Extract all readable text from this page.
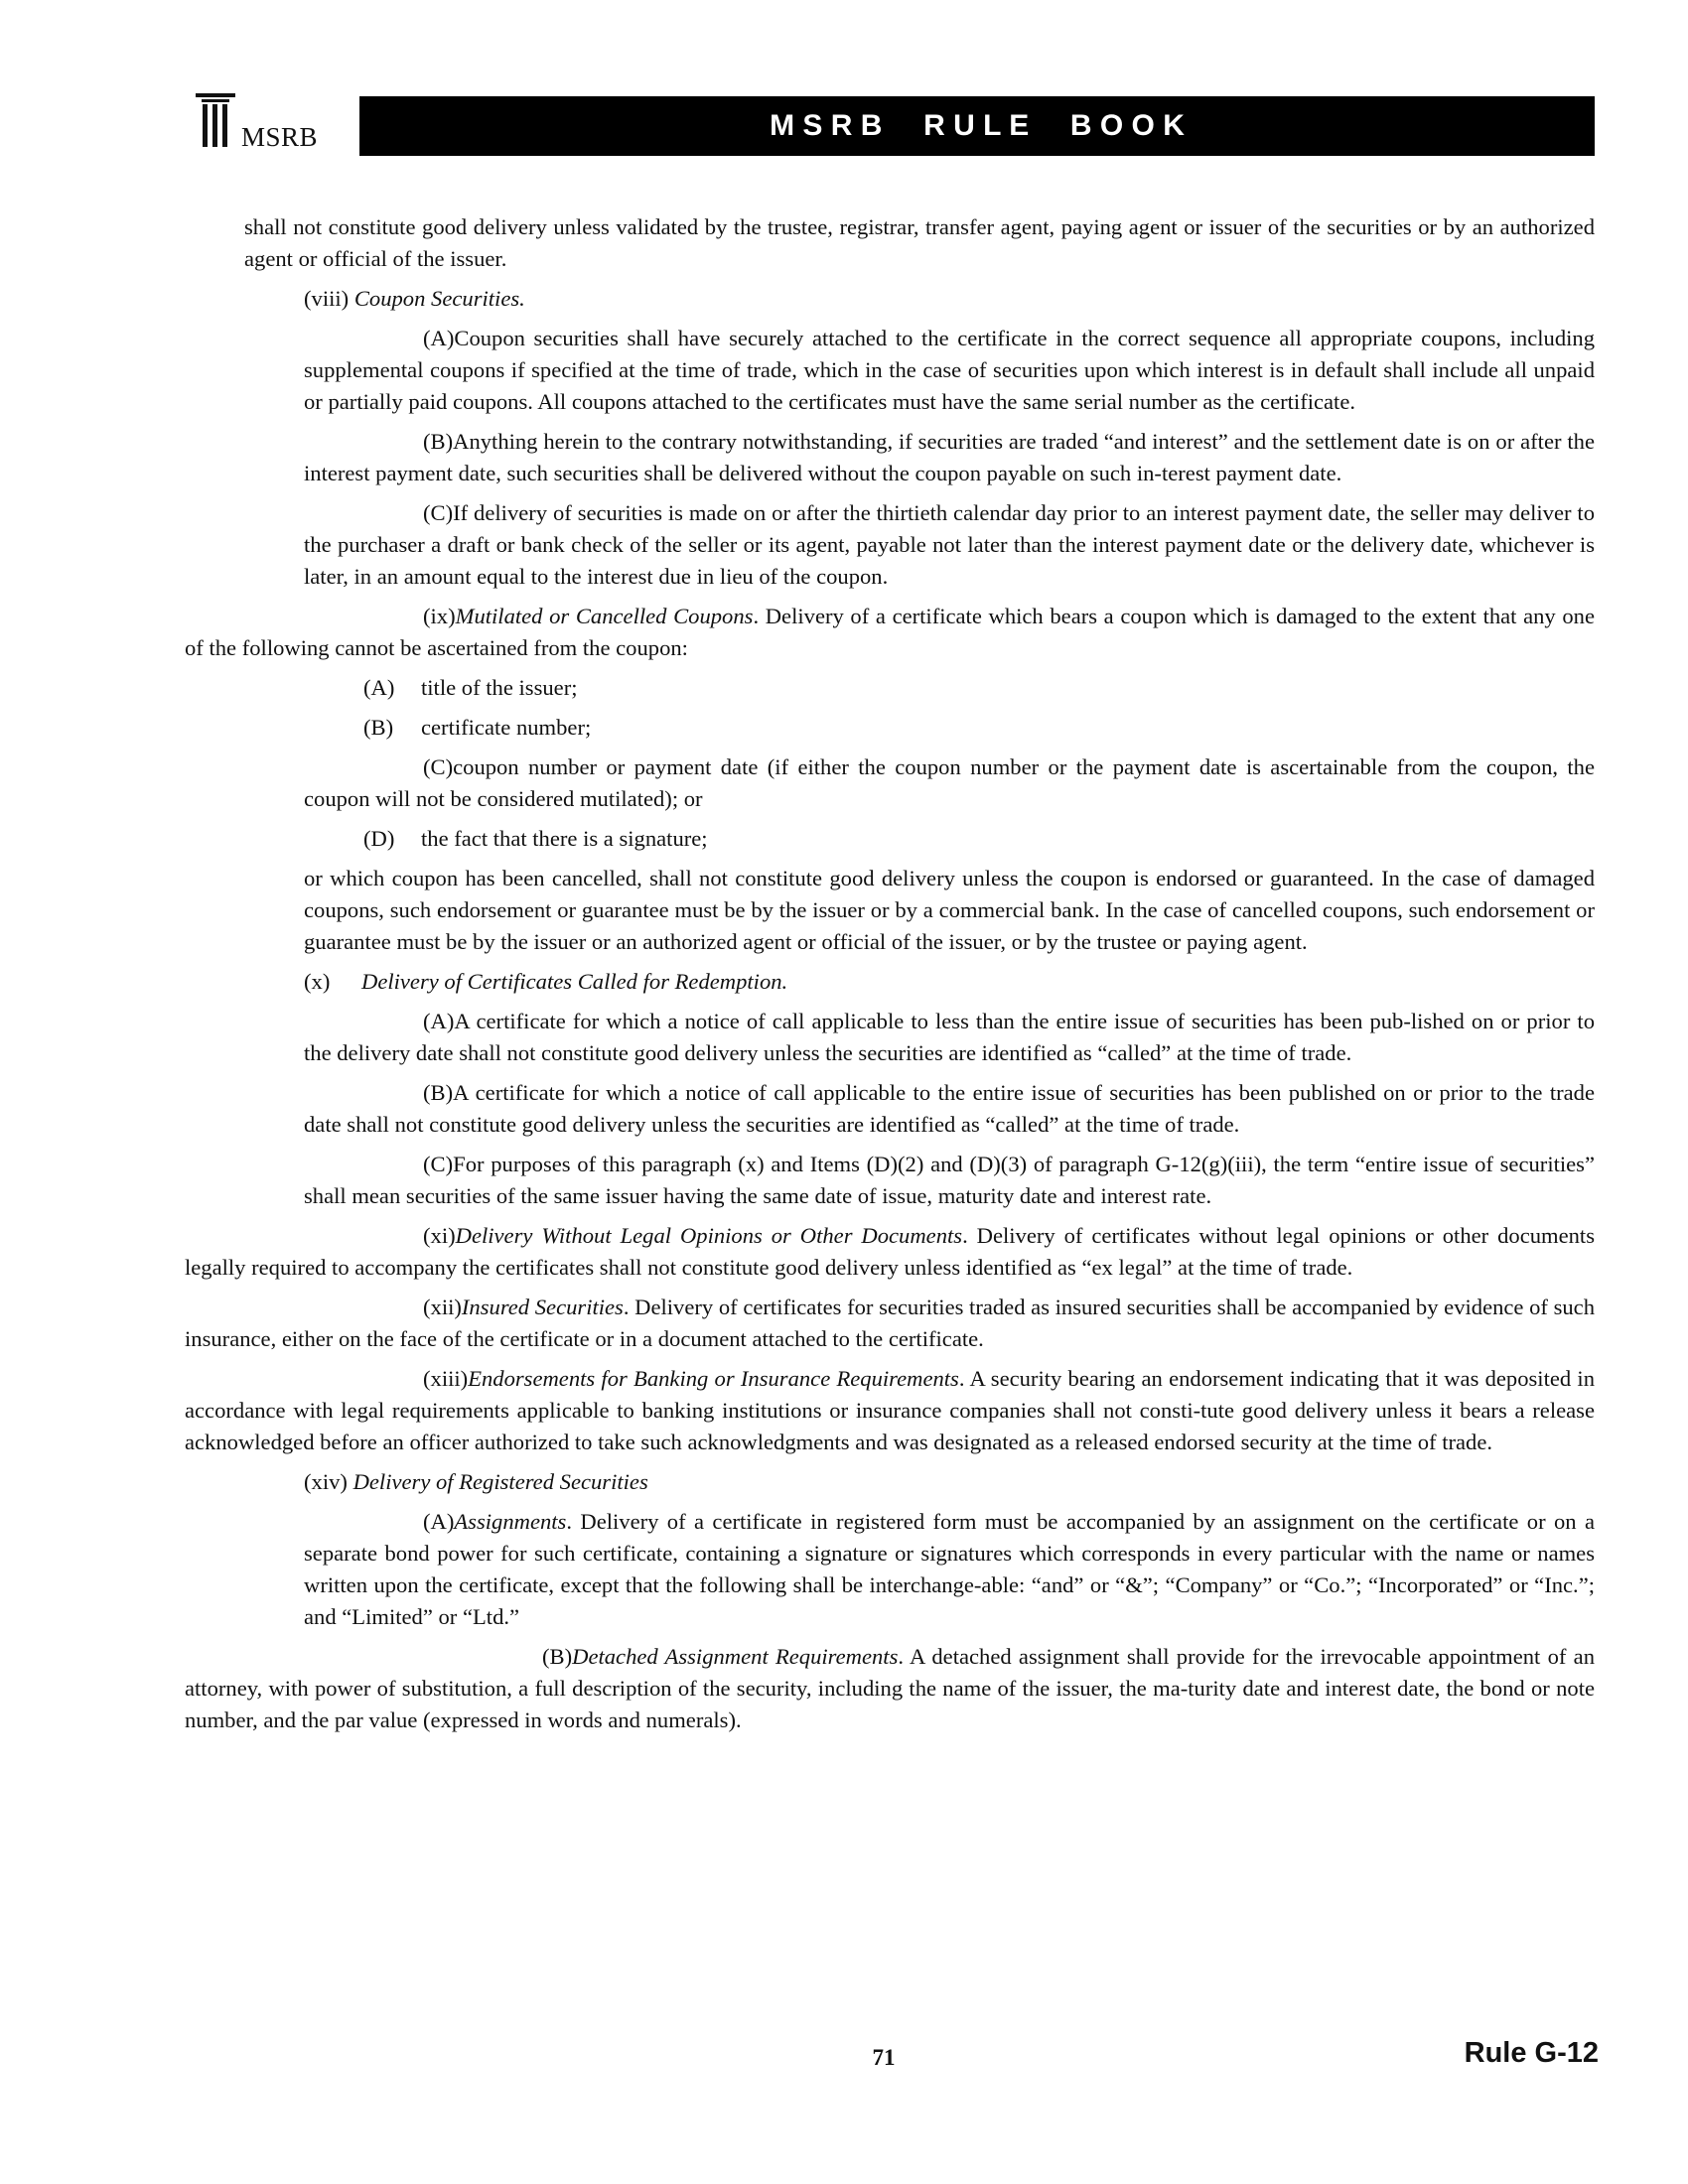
MSRB	M S R B     R U L E     B O O K

shall not constitute good delivery unless validated by the trustee, registrar, transfer agent, paying agent or issuer of the securities or by an authorized agent or official of the issuer.

(viii) Coupon Securities.

(A)Coupon securities shall have securely attached to the certificate in the correct sequence all appropriate coupons, including supplemental coupons if specified at the time of trade, which in the case of securities upon which interest is in default shall include all unpaid or partially paid coupons. All coupons attached to the certificates must have the same serial number as the certificate.

(B)Anything herein to the contrary notwithstanding, if securities are traded “and interest” and the settlement date is on or after the interest payment date, such securities shall be delivered without the coupon payable on such in-terest payment date.

(C)If delivery of securities is made on or after the thirtieth calendar day prior to an interest payment date, the seller may deliver to the purchaser a draft or bank check of the seller or its agent, payable not later than the interest payment date or the delivery date, whichever is later, in an amount equal to the interest due in lieu of the coupon.

(ix)Mutilated or Cancelled Coupons. Delivery of a certificate which bears a coupon which is damaged to the extent that any one of the following cannot be ascertained from the coupon:

(A) title of the issuer;

(B) certificate number;

(C)coupon number or payment date (if either the coupon number or the payment date is ascertainable from the coupon, the coupon will not be considered mutilated); or

(D) the fact that there is a signature;

or which coupon has been cancelled, shall not constitute good delivery unless the coupon is endorsed or guaranteed. In the case of damaged coupons, such endorsement or guarantee must be by the issuer or by a commercial bank. In the case of cancelled coupons, such endorsement or guarantee must be by the issuer or an authorized agent or official of the issuer, or by the trustee or paying agent.

(x) Delivery of Certificates Called for Redemption.

(A)A certificate for which a notice of call applicable to less than the entire issue of securities has been pub-lished on or prior to the delivery date shall not constitute good delivery unless the securities are identified as “called” at the time of trade.

(B)A certificate for which a notice of call applicable to the entire issue of securities has been published on or prior to the trade date shall not constitute good delivery unless the securities are identified as “called” at the time of trade.

(C)For purposes of this paragraph (x) and Items (D)(2) and (D)(3) of paragraph G-12(g)(iii), the term “entire issue of securities” shall mean securities of the same issuer having the same date of issue, maturity date and interest rate.

(xi)Delivery Without Legal Opinions or Other Documents. Delivery of certificates without legal opinions or other documents legally required to accompany the certificates shall not constitute good delivery unless identified as “ex legal” at the time of trade.

(xii)Insured Securities. Delivery of certificates for securities traded as insured securities shall be accompanied by evidence of such insurance, either on the face of the certificate or in a document attached to the certificate.

(xiii)Endorsements for Banking or Insurance Requirements. A security bearing an endorsement indicating that it was deposited in accordance with legal requirements applicable to banking institutions or insurance companies shall not consti-tute good delivery unless it bears a release acknowledged before an officer authorized to take such acknowledgments and was designated as a released endorsed security at the time of trade.

(xiv) Delivery of Registered Securities

(A)Assignments. Delivery of a certificate in registered form must be accompanied by an assignment on the certificate or on a separate bond power for such certificate, containing a signature or signatures which corresponds in every particular with the name or names written upon the certificate, except that the following shall be interchange-able: “and” or “&”; “Company” or “Co.”; “Incorporated” or “Inc.”; and “Limited” or “Ltd.”

(B)Detached Assignment Requirements. A detached assignment shall provide for the irrevocable appointment of an attorney, with power of substitution, a full description of the security, including the name of the issuer, the ma-turity date and interest date, the bond or note number, and the par value (expressed in words and numerals).

71	Rule G-12
